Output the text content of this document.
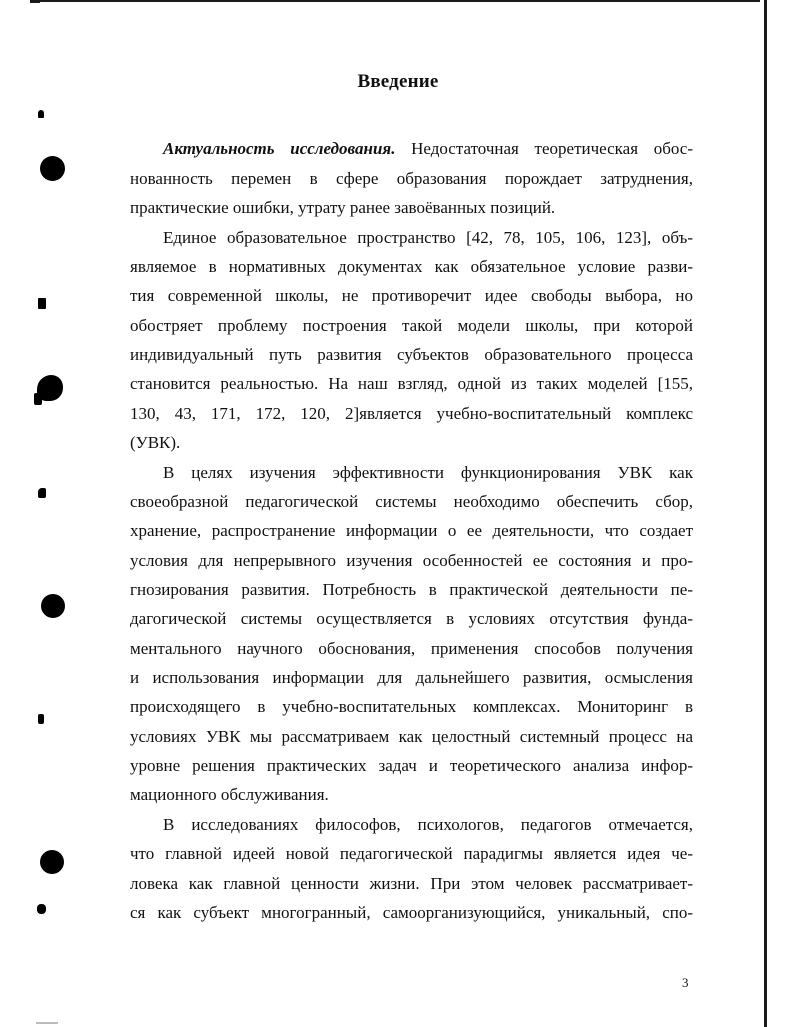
Введение
Актуальность исследования. Недостаточная теоретическая обос-
нованность перемен в сфере образования порождает затруднения,
практические ошибки, утрату ранее завоёванных позиций.
Единое образовательное пространство [42, 78, 105, 106, 123], объ-
являемое в нормативных документах как обязательное условие разви-
тия современной школы, не противоречит идее свободы выбора, но
обостряет проблему построения такой модели школы, при которой
индивидуальный путь развития субъектов образовательного процесса
становится реальностью. На наш взгляд, одной из таких моделей [155,
130, 43, 171, 172, 120, 2]является учебно-воспитательный комплекс
(УВК).
В целях изучения эффективности функционирования УВК как
своеобразной педагогической системы необходимо обеспечить сбор,
хранение, распространение информации о ее деятельности, что создает
условия для непрерывного изучения особенностей ее состояния и про-
гнозирования развития. Потребность в практической деятельности пе-
дагогической системы осуществляется в условиях отсутствия фунда-
ментального научного обоснования, применения способов получения
и использования информации для дальнейшего развития, осмысления
происходящего в учебно-воспитательных комплексах. Мониторинг в
условиях УВК мы рассматриваем как целостный системный процесс на
уровне решения практических задач и теоретического анализа инфор-
мационного обслуживания.
В исследованиях философов, психологов, педагогов отмечается,
что главной идеей новой педагогической парадигмы является идея че-
ловека как главной ценности жизни. При этом человек рассматривает-
ся как субъект многогранный, самоорганизующийся, уникальный, спо-
3
